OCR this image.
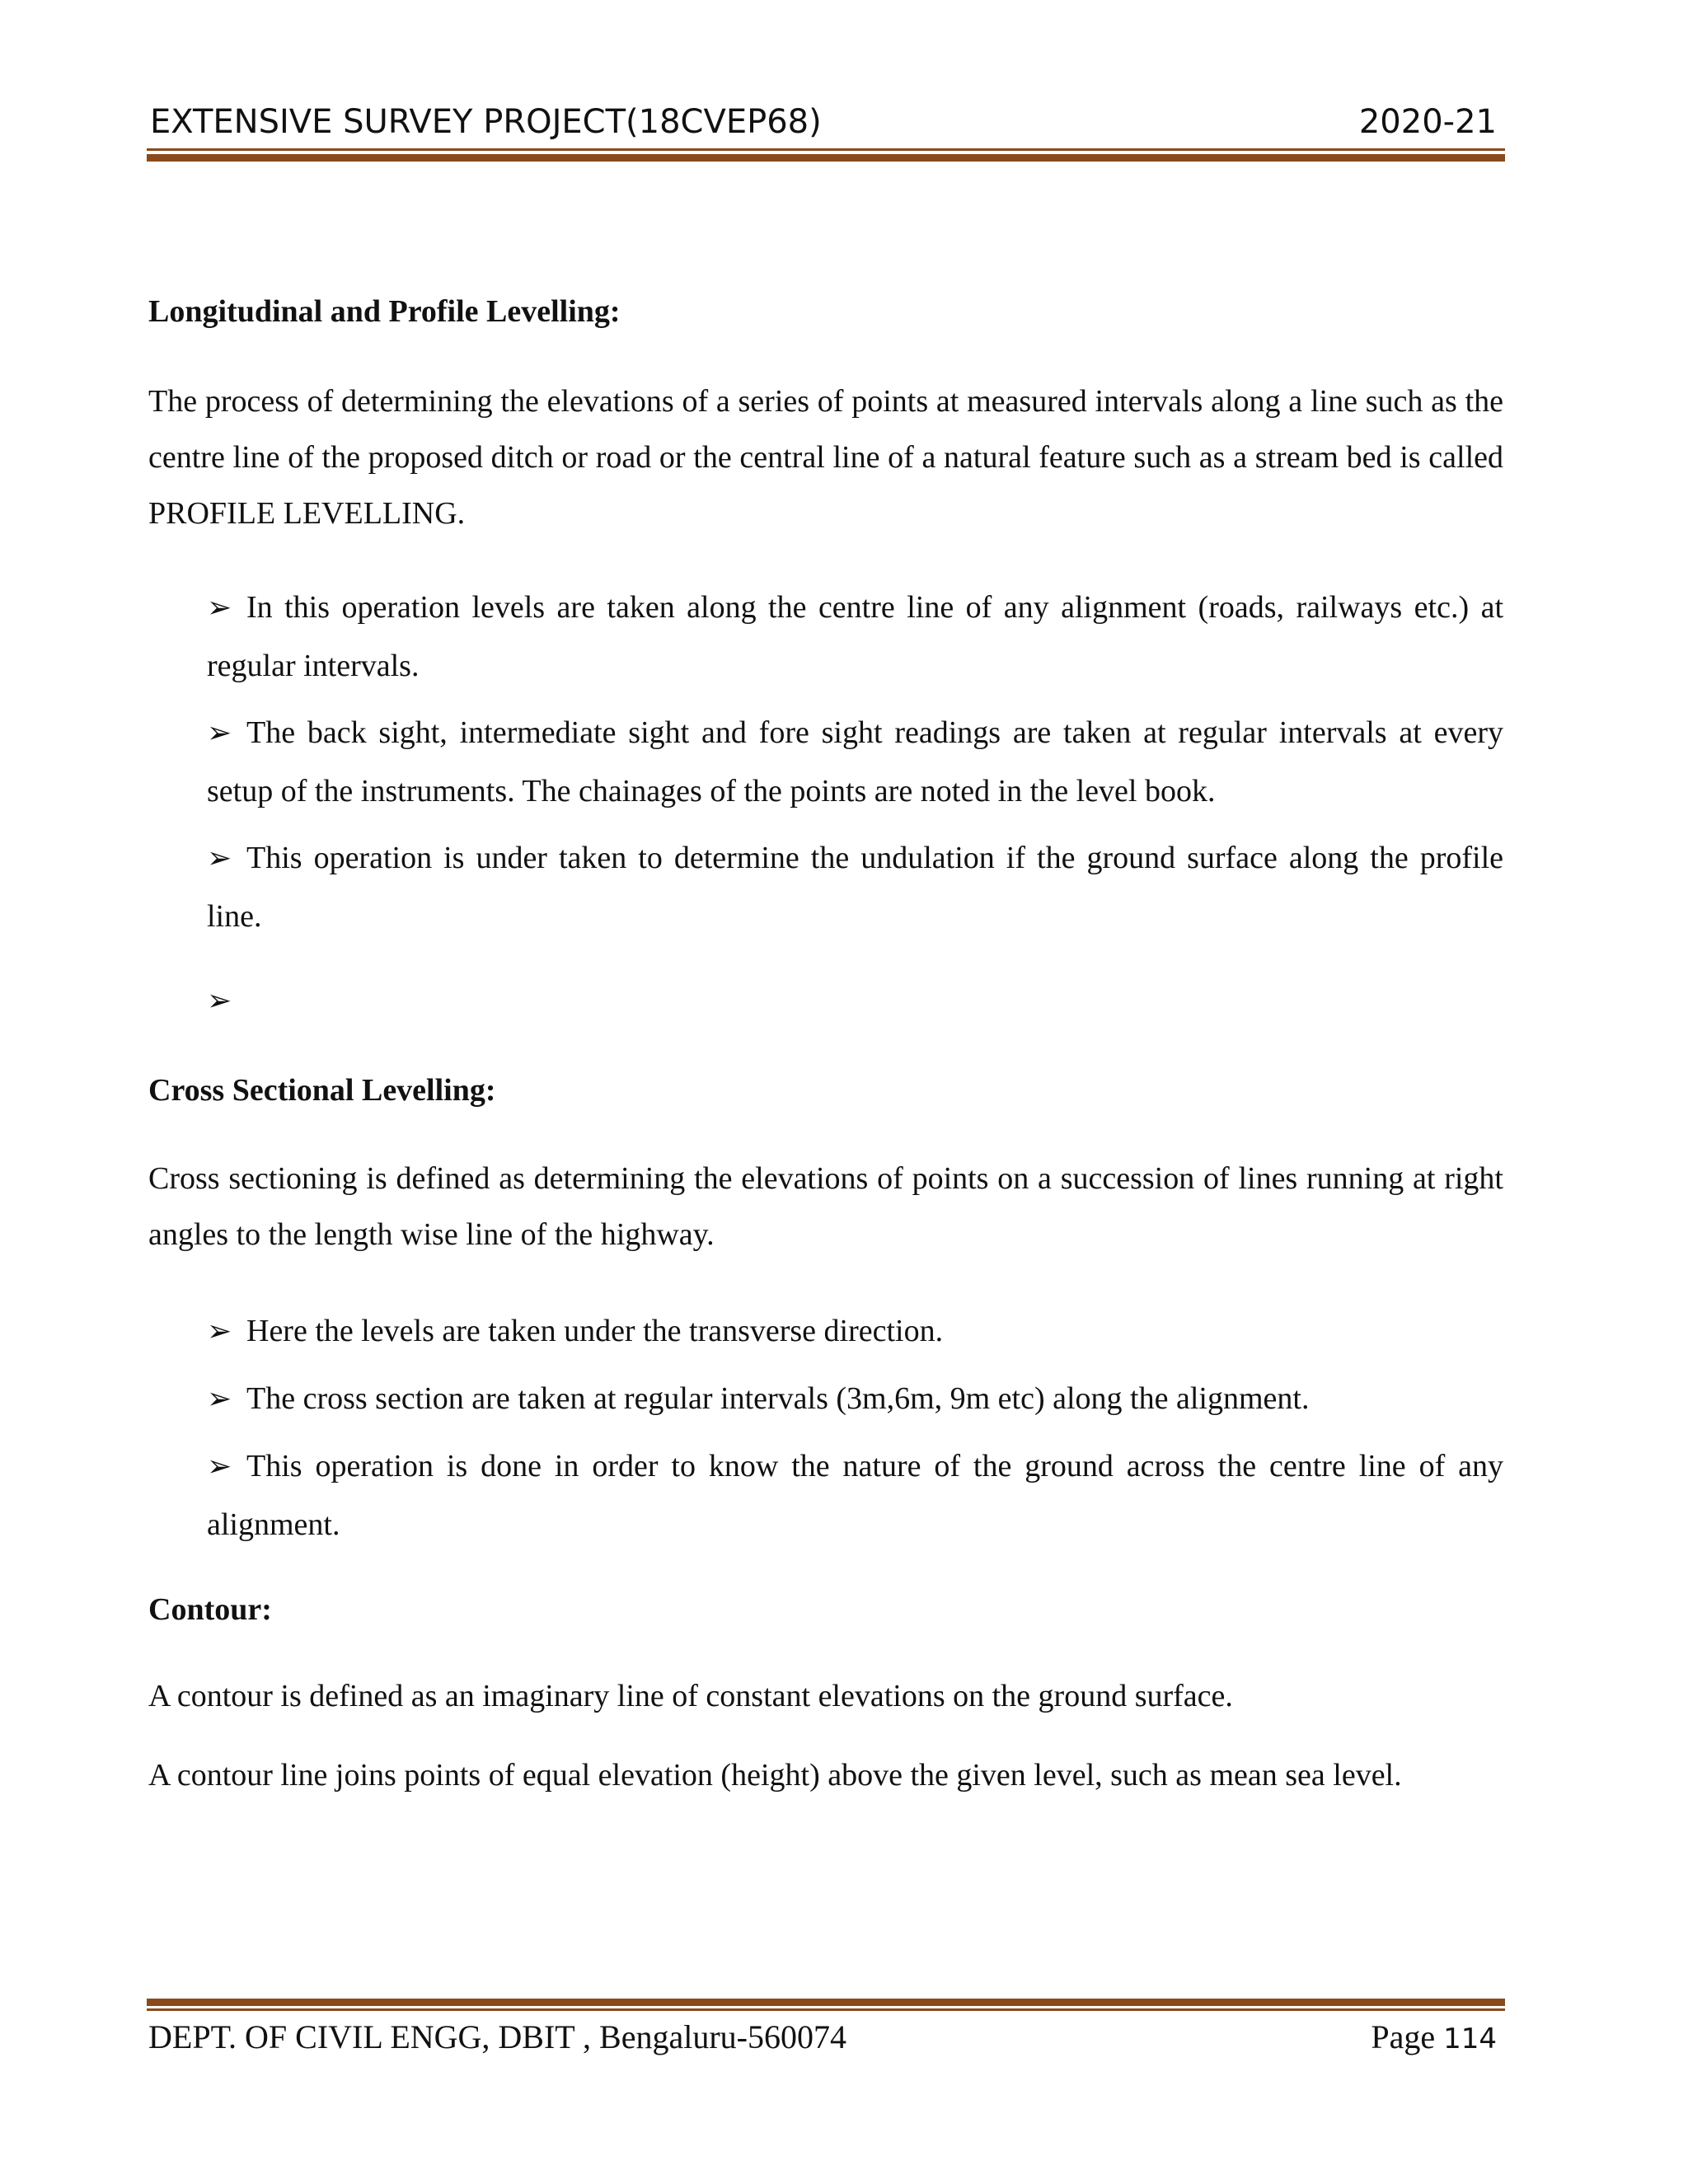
EXTENSIVE SURVEY PROJECT(18CVEP68)	2020-21
Longitudinal and Profile Levelling:
The process of determining the elevations of a series of points at measured intervals along a line such as the centre line of the proposed ditch or road or the central line of a natural feature such as a stream bed is called PROFILE LEVELLING.
➢ In this operation levels are taken along the centre line of any alignment (roads, railways etc.) at regular intervals.
➢ The back sight, intermediate sight and fore sight readings are taken at regular intervals at every setup of the instruments. The chainages of the points are noted in the level book.
➢ This operation is under taken to determine the undulation if the ground surface along the profile line.
➢
Cross Sectional Levelling:
Cross sectioning is defined as determining the elevations of points on a succession of lines running at right angles to the length wise line of the highway.
➢ Here the levels are taken under the transverse direction.
➢ The cross section are taken at regular intervals (3m,6m, 9m etc) along the alignment.
➢ This operation is done in order to know the nature of the ground across the centre line of any alignment.
Contour:
A contour is defined as an imaginary line of constant elevations on the ground surface.
A contour line joins points of equal elevation (height) above the given level, such as mean sea level.
DEPT. OF CIVIL ENGG, DBIT , Bengaluru-560074	Page 114
